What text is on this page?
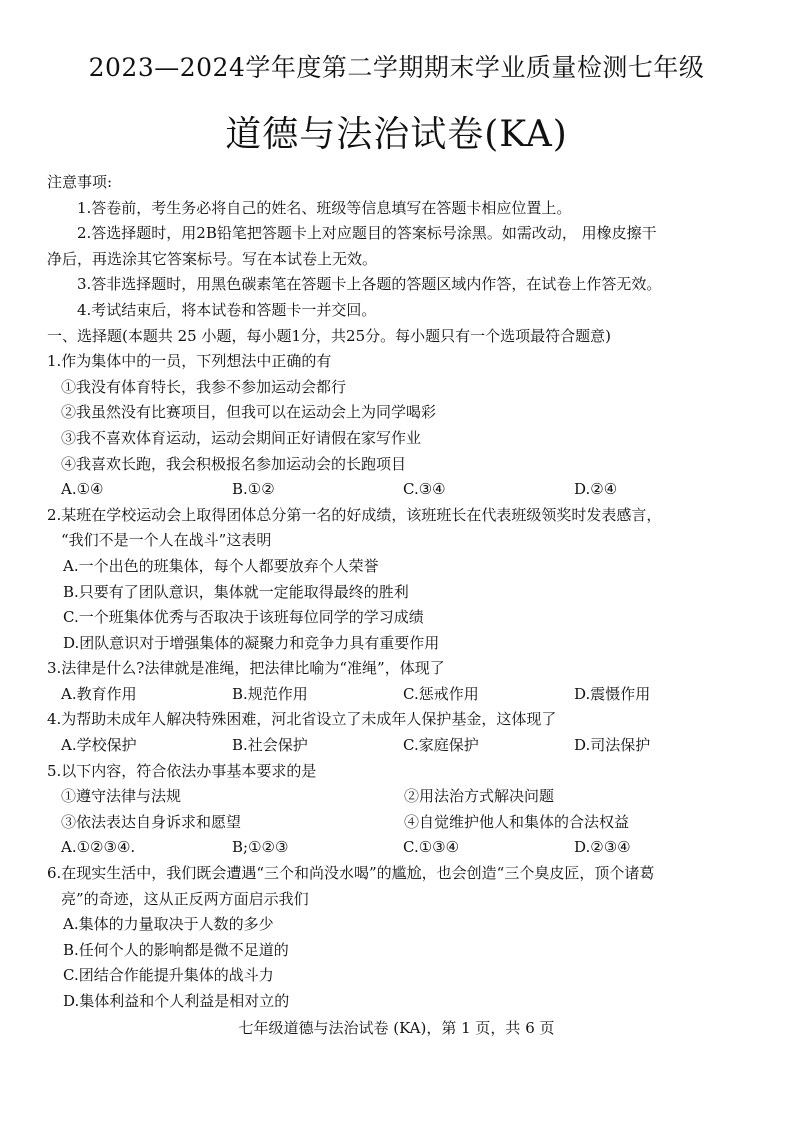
2023—2024学年度第二学期期末学业质量检测七年级
道德与法治试卷(KA)
注意事项:
1.答卷前，考生务必将自己的姓名、班级等信息填写在答题卡相应位置上。
2.答选择题时，用2B铅笔把答题卡上对应题目的答案标号涂黑。如需改动， 用橡皮擦干
净后，再选涂其它答案标号。写在本试卷上无效。
3.答非选择题时，用黑色碳素笔在答题卡上各题的答题区域内作答，在试卷上作答无效。
4.考试结束后，将本试卷和答题卡一并交回。
一、选择题(本题共 25 小题，每小题1分，共25分。每小题只有一个选项最符合题意)
1.作为集体中的一员，下列想法中正确的有
①我没有体育特长，我参不参加运动会都行
②我虽然没有比赛项目，但我可以在运动会上为同学喝彩
③我不喜欢体育运动，运动会期间正好请假在家写作业
④我喜欢长跑，我会积极报名参加运动会的长跑项目
A.①④	B.①②	C.③④	D.②④
2.某班在学校运动会上取得团体总分第一名的好成绩，该班班长在代表班级领奖时发表感言，
“我们不是一个人在战斗”这表明
A.一个出色的班集体，每个人都要放弃个人荣誉
B.只要有了团队意识，集体就一定能取得最终的胜利
C.一个班集体优秀与否取决于该班每位同学的学习成绩
D.团队意识对于增强集体的凝聚力和竞争力具有重要作用
3.法律是什么?法律就是准绳，把法律比喻为“准绳”，体现了
A.教育作用	B.规范作用	C.惩戒作用	D.震慑作用
4.为帮助未成年人解决特殊困难，河北省设立了未成年人保护基金，这体现了
A.学校保护	B.社会保护	C.家庭保护	D.司法保护
5.以下内容，符合依法办事基本要求的是
①遵守法律与法规	②用法治方式解决问题
③依法表达自身诉求和愿望	④自觉维护他人和集体的合法权益
A.①②③④.	B;①②③	C.①③④	D.②③④
6.在现实生活中，我们既会遭遇“三个和尚没水喝”的尴尬，也会创造“三个臭皮匠，顶个诸葛
亮”的奇迹，这从正反两方面启示我们
A.集体的力量取决于人数的多少
B.任何个人的影响都是微不足道的
C.团结合作能提升集体的战斗力
D.集体利益和个人利益是相对立的
七年级道德与法治试卷 (KA)，第 1 页，共 6 页
